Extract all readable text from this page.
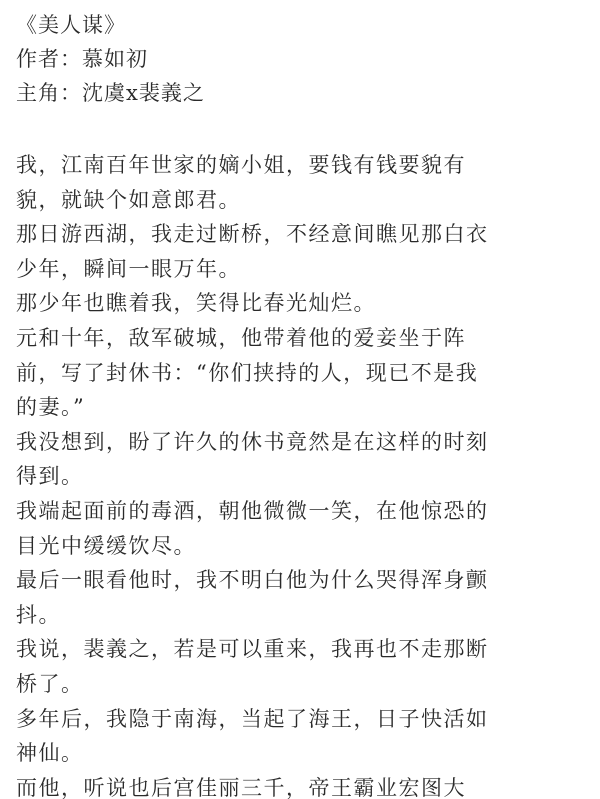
《美人谋》
作者：慕如初
主角：沈虞x裴義之

我，江南百年世家的嫡小姐，要钱有钱要貌有
貌，就缺个如意郎君。

那日游西湖，我走过断桥，不经意间瞧见那白衣
少年，瞬间一眼万年。

那少年也瞧着我，笑得比春光灿烂。

元和十年，敌军破城，他带着他的爱妾坐于阵
前，写了封休书：“你们挟持的人，现已不是我
的妻。”

我没想到，盼了许久的休书竟然是在这样的时刻
得到。

我端起面前的毒酒，朝他微微一笑，在他惊恐的
目光中缓缓饮尽。

最后一眼看他时，我不明白他为什么哭得浑身颤
抖。

我说，裴義之，若是可以重来，我再也不走那断
桥了。

多年后，我隐于南海，当起了海王，日子快活如
神仙。

而他，听说也后宫佳丽三千，帝王霸业宏图大
